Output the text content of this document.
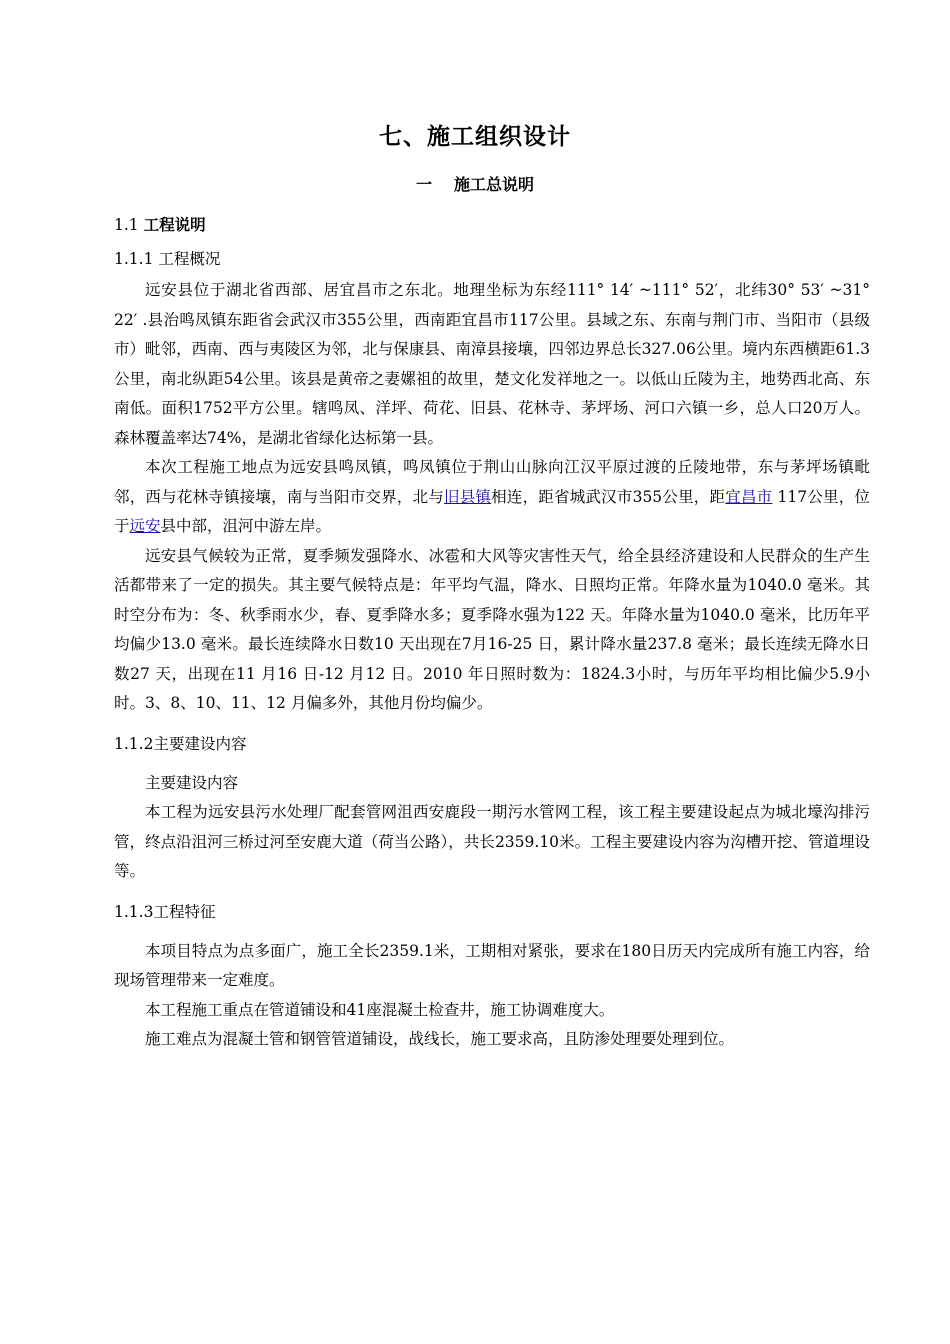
七、施工组织设计
一 施工总说明

1.1 工程说明

1.1.1 工程概况

远安县位于湖北省西部、居宜昌市之东北。地理坐标为东经111° 14′ ~111° 52′，北纬30° 53′ ~31° 22′ .县治鸣凤镇东距省会武汉市355公里，西南距宜昌市117公里。县域之东、东南与荆门市、当阳市（县级市）毗邻，西南、西与夷陵区为邻，北与保康县、南漳县接壤，四邻边界总长327.06公里。境内东西横距61.3公里，南北纵距54公里。该县是黄帝之妻嫘祖的故里，楚文化发祥地之一。以低山丘陵为主，地势西北高、东南低。面积1752平方公里。辖鸣凤、洋坪、荷花、旧县、花林寺、茅坪场、河口六镇一乡，总人口20万人。森林覆盖率达74%，是湖北省绿化达标第一县。

本次工程施工地点为远安县鸣凤镇，鸣凤镇位于荆山山脉向江汉平原过渡的丘陵地带，东与茅坪场镇毗邻，西与花林寺镇接壤，南与当阳市交界，北与旧县镇相连，距省城武汉市355公里，距宜昌市 117公里，位于远安县中部，沮河中游左岸。

远安县气候较为正常，夏季频发强降水、冰雹和大风等灾害性天气，给全县经济建设和人民群众的生产生活都带来了一定的损失。其主要气候特点是：年平均气温，降水、日照均正常。年降水量为1040.0 毫米。其时空分布为：冬、秋季雨水少，春、夏季降水多；夏季降水强为122 天。年降水量为1040.0 毫米，比历年平均偏少13.0 毫米。最长连续降水日数10 天出现在7月16-25 日，累计降水量237.8 毫米；最长连续无降水日数27 天，出现在11 月16 日-12 月12 日。2010 年日照时数为：1824.3小时，与历年平均相比偏少5.9小时。3、8、10、11、12 月偏多外，其他月份均偏少。

1.1.2主要建设内容

主要建设内容

本工程为远安县污水处理厂配套管网沮西安鹿段一期污水管网工程，该工程主要建设起点为城北壕沟排污管，终点沿沮河三桥过河至安鹿大道（荷当公路），共长2359.10米。工程主要建设内容为沟槽开挖、管道埋设等。

1.1.3工程特征

本项目特点为点多面广，施工全长2359.1米，工期相对紧张，要求在180日历天内完成所有施工内容，给现场管理带来一定难度。

本工程施工重点在管道铺设和41座混凝土检查井，施工协调难度大。

施工难点为混凝土管和钢管管道铺设，战线长，施工要求高，且防渗处理要处理到位。
